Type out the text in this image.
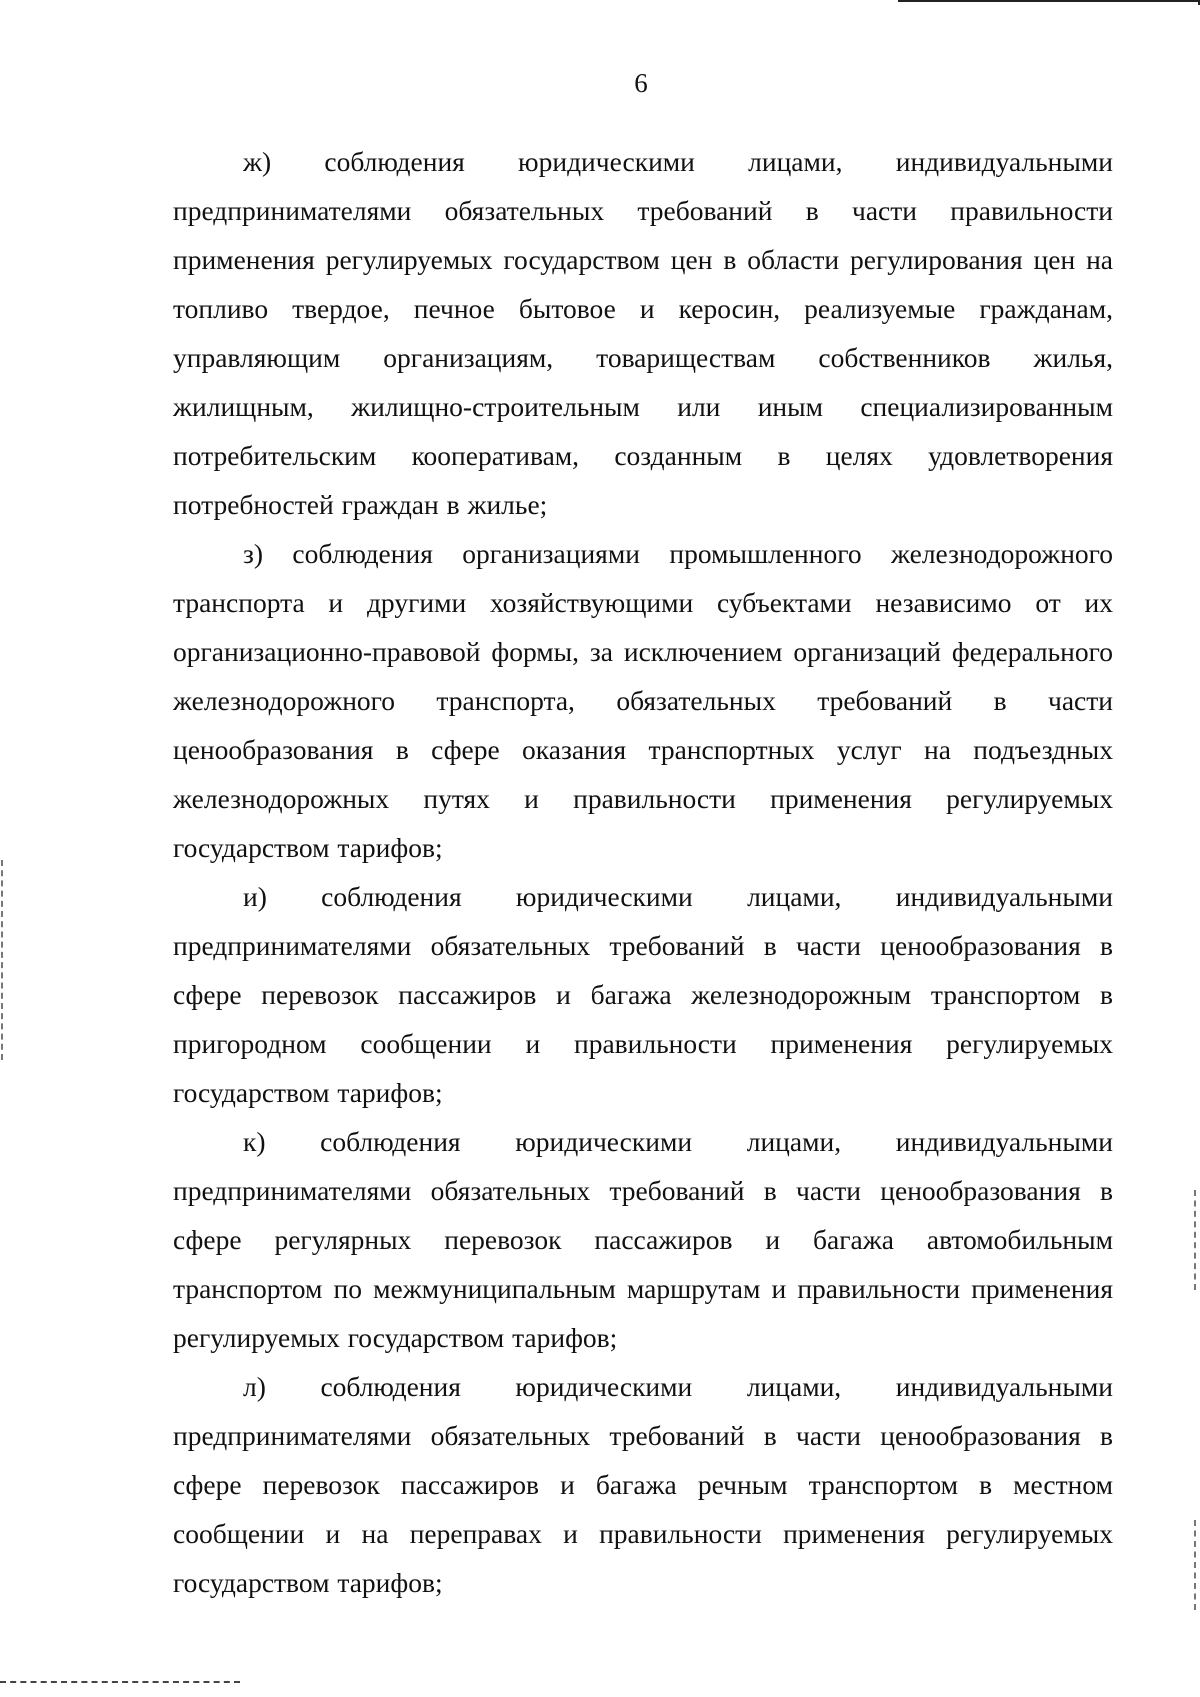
6

ж) соблюдения юридическими лицами, индивидуальными предпринимателями обязательных требований в части правильности применения регулируемых государством цен в области регулирования цен на топливо твердое, печное бытовое и керосин, реализуемые гражданам, управляющим организациям, товариществам собственников жилья, жилищным, жилищно-строительным или иным специализированным потребительским кооперативам, созданным в целях удовлетворения потребностей граждан в жилье;

з) соблюдения организациями промышленного железнодорожного транспорта и другими хозяйствующими субъектами независимо от их организационно-правовой формы, за исключением организаций федерального железнодорожного транспорта, обязательных требований в части ценообразования в сфере оказания транспортных услуг на подъездных железнодорожных путях и правильности применения регулируемых государством тарифов;

и) соблюдения юридическими лицами, индивидуальными предпринимателями обязательных требований в части ценообразования в сфере перевозок пассажиров и багажа железнодорожным транспортом в пригородном сообщении и правильности применения регулируемых государством тарифов;

к) соблюдения юридическими лицами, индивидуальными предпринимателями обязательных требований в части ценообразования в сфере регулярных перевозок пассажиров и багажа автомобильным транспортом по межмуниципальным маршрутам и правильности применения регулируемых государством тарифов;

л) соблюдения юридическими лицами, индивидуальными предпринимателями обязательных требований в части ценообразования в сфере перевозок пассажиров и багажа речным транспортом в местном сообщении и на переправах и правильности применения регулируемых государством тарифов;
